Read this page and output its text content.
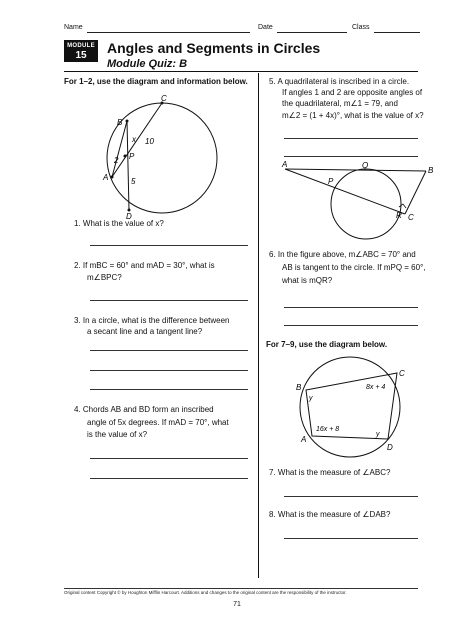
Name	Date	Class
MODULE
15	Angles and Segments in Circles
Module Quiz: B
For 1–2, use the diagram and information below.
B
C
P
A
D
x
2
10
5
1. What is the value of x?
2. If mBC = 60° and mAD = 30°, what is
m∠BPC?
3. In a circle, what is the difference between
a secant line and a tangent line?
4. Chords AB and BD form an inscribed
angle of 5x degrees. If mAD = 70°, what
is the value of x?
5. A quadrilateral is inscribed in a circle.
If angles 1 and 2 are opposite angles of
the quadrilateral, m∠1 = 79, and
m∠2 = (1 + 4x)°, what is the value of x?
A	Q
B
P
R C
6. In the figure above, m∠ABC = 70° and
AB is tangent to the circle. If mPQ = 60°,
what is mQR?
For 7–9, use the diagram below.
B
C
A
D
y
y
8x + 4
16x + 8
7. What is the measure of ∠ABC?
8. What is the measure of ∠DAB?
Original content Copyright © by Houghton Mifflin Harcourt. Additions and changes to the original content are the responsibility of the instructor.
71
